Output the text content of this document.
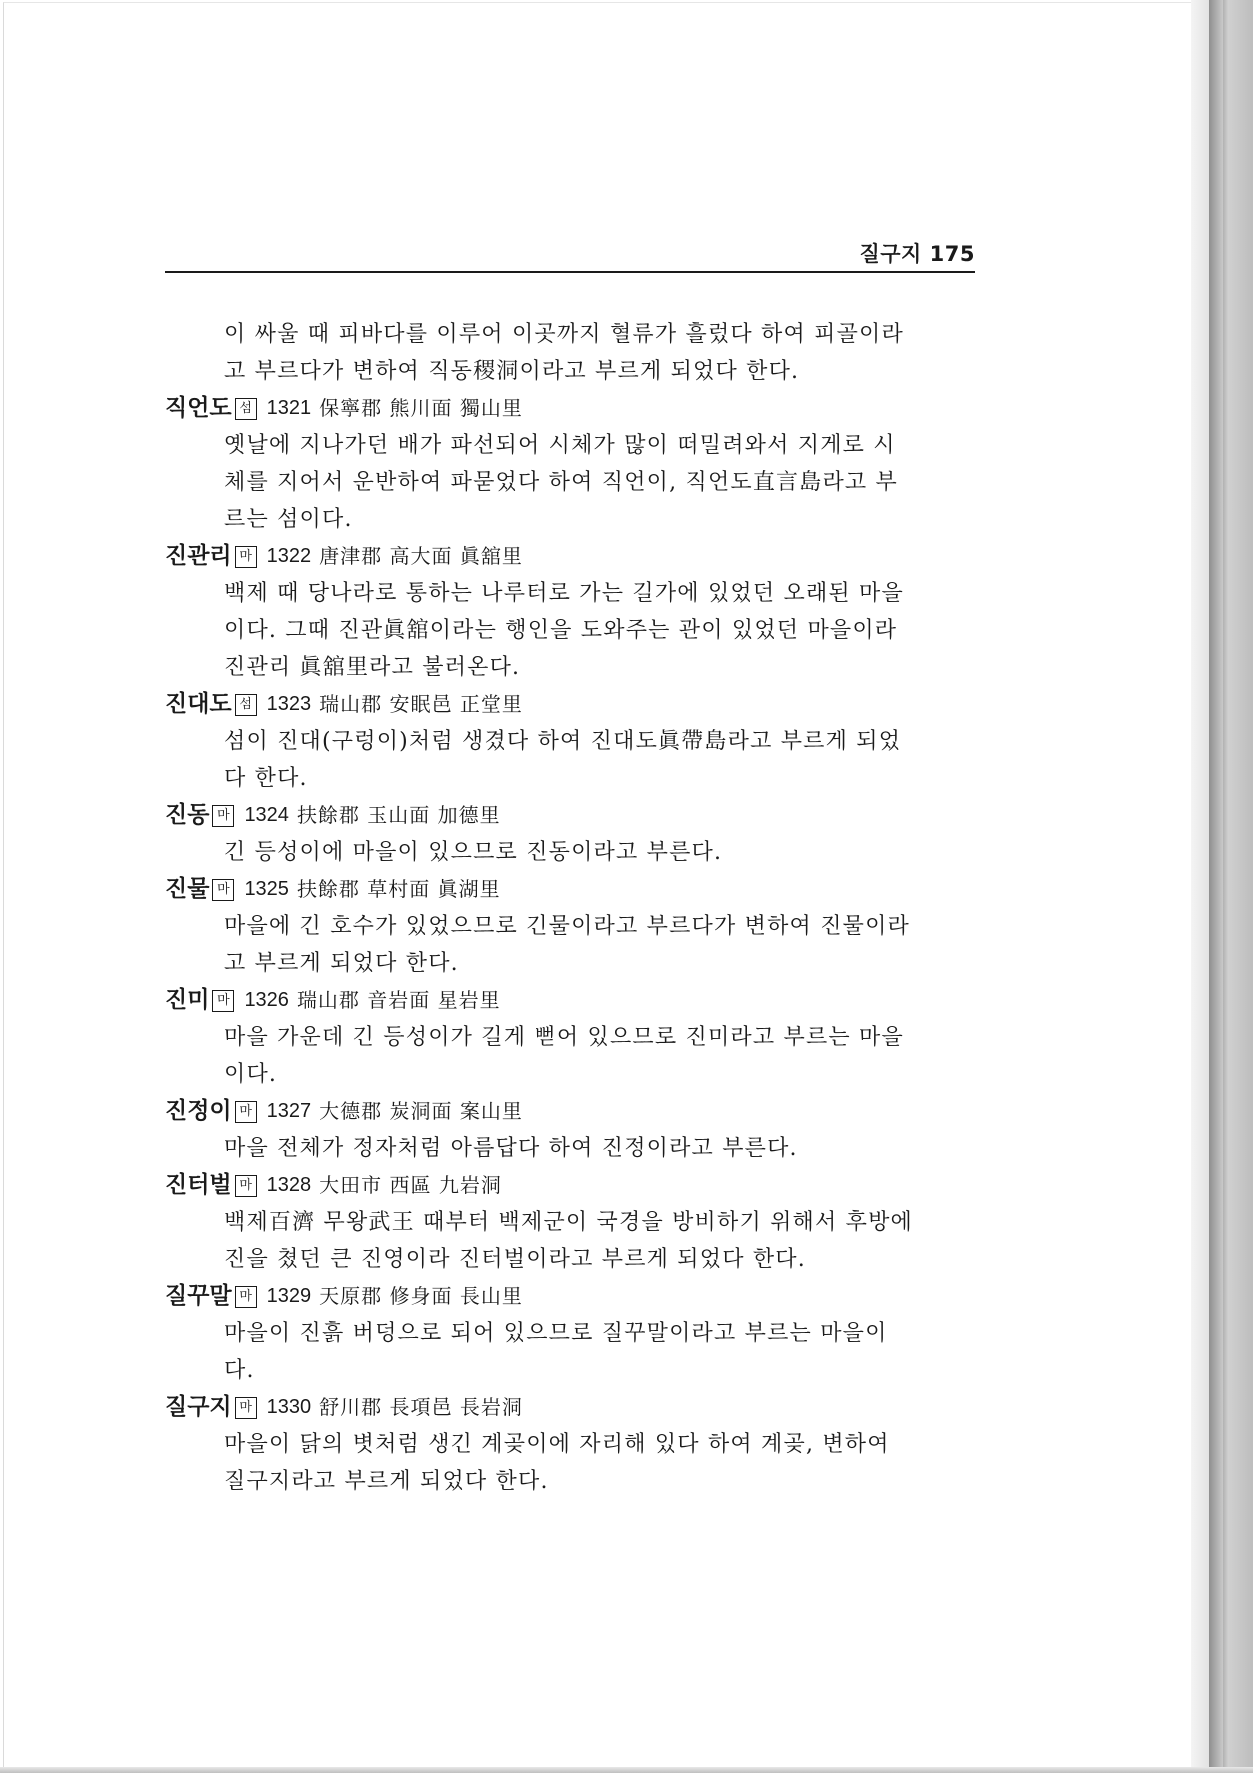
질구지 175
이 싸울 때 피바다를 이루어 이곳까지 혈류가 흘렀다 하여 피골이라
고 부르다가 변하여 직동稷洞이라고 부르게 되었다 한다.
직언도 섬 1321 保寧郡 熊川面 獨山里
옛날에 지나가던 배가 파선되어 시체가 많이 떠밀려와서 지게로 시
체를 지어서 운반하여 파묻었다 하여 직언이, 직언도直言島라고 부
르는 섬이다.
진관리 마 1322 唐津郡 高大面 眞舘里
백제 때 당나라로 통하는 나루터로 가는 길가에 있었던 오래된 마을
이다. 그때 진관眞舘이라는 행인을 도와주는 관이 있었던 마을이라
진관리 眞舘里라고 불러온다.
진대도 섬 1323 瑞山郡 安眠邑 正堂里
섬이 진대(구렁이)처럼 생겼다 하여 진대도眞帶島라고 부르게 되었
다 한다.
진동 마 1324 扶餘郡 玉山面 加德里
긴 등성이에 마을이 있으므로 진동이라고 부른다.
진물 마 1325 扶餘郡 草村面 眞湖里
마을에 긴 호수가 있었으므로 긴물이라고 부르다가 변하여 진물이라
고 부르게 되었다 한다.
진미 마 1326 瑞山郡 音岩面 星岩里
마을 가운데 긴 등성이가 길게 뻗어 있으므로 진미라고 부르는 마을
이다.
진정이 마 1327 大德郡 炭洞面 案山里
마을 전체가 정자처럼 아름답다 하여 진정이라고 부른다.
진터벌 마 1328 大田市 西區 九岩洞
백제百濟 무왕武王 때부터 백제군이 국경을 방비하기 위해서 후방에
진을 쳤던 큰 진영이라 진터벌이라고 부르게 되었다 한다.
질꾸말 마 1329 天原郡 修身面 長山里
마을이 진흙 버덩으로 되어 있으므로 질꾸말이라고 부르는 마을이
다.
질구지 마 1330 舒川郡 長項邑 長岩洞
마을이 닭의 볏처럼 생긴 계곶이에 자리해 있다 하여 계곶, 변하여
질구지라고 부르게 되었다 한다.
